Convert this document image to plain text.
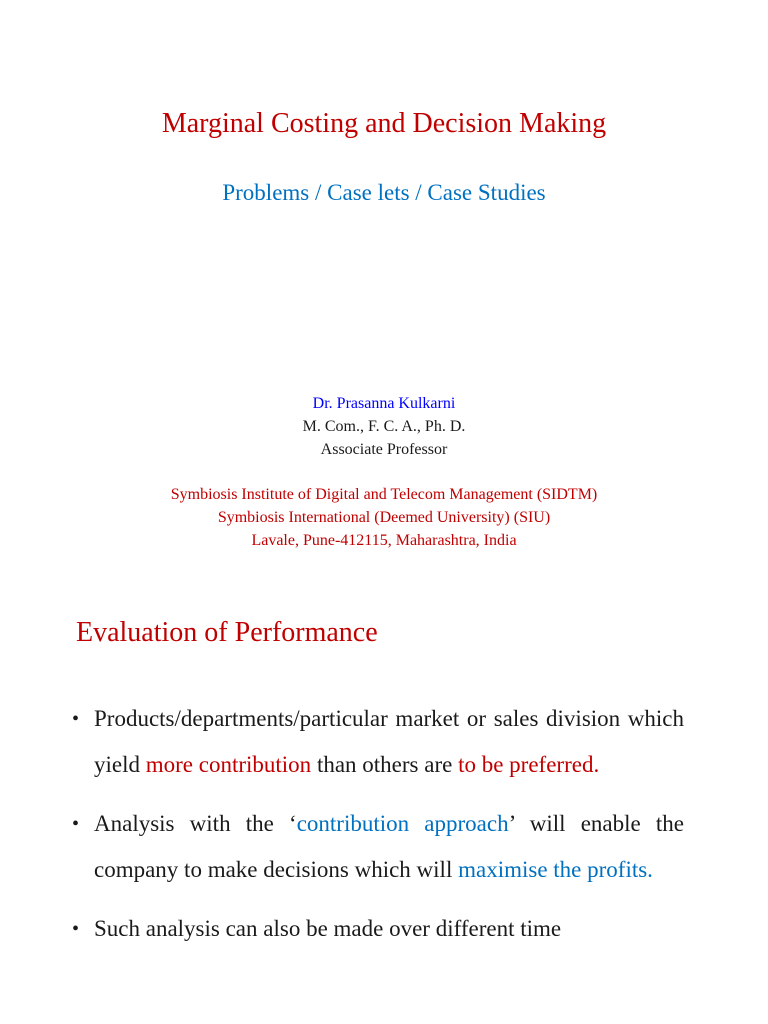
Marginal Costing and Decision Making
Problems / Case lets / Case Studies
Dr. Prasanna Kulkarni
M. Com., F. C. A., Ph. D.
Associate Professor
Symbiosis Institute of Digital and Telecom Management (SIDTM)
Symbiosis International (Deemed University) (SIU)
Lavale, Pune-412115, Maharashtra, India
Evaluation of Performance
• Products/departments/particular market or sales division which yield more contribution than others are to be preferred.
• Analysis with the ‘contribution approach’ will enable the company to make decisions which will maximise the profits.
• Such analysis can also be made over different time
